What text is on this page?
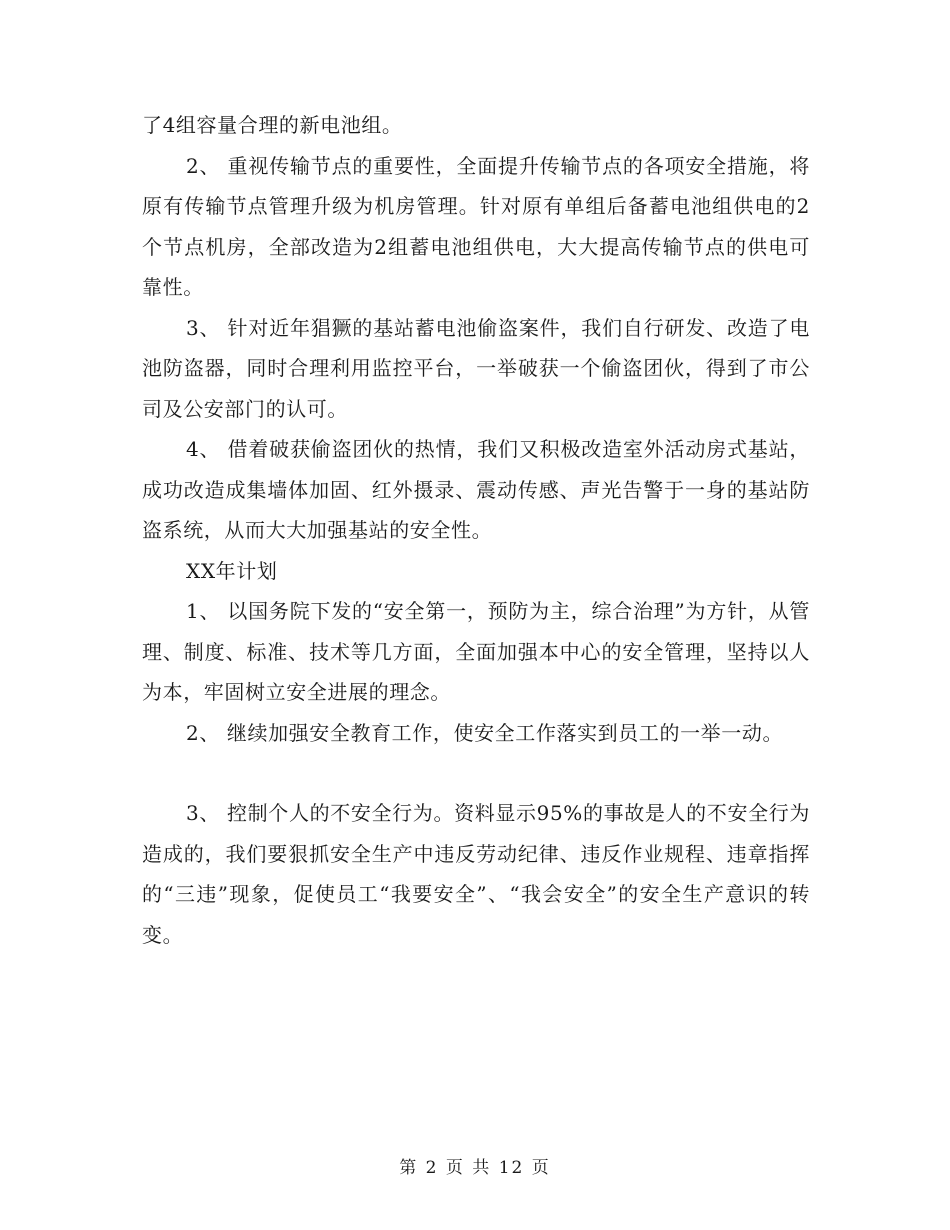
了4组容量合理的新电池组。

2、 重视传输节点的重要性，全面提升传输节点的各项安全措施，将原有传输节点管理升级为机房管理。针对原有单组后备蓄电池组供电的2个节点机房，全部改造为2组蓄电池组供电，大大提高传输节点的供电可靠性。

3、 针对近年猖獗的基站蓄电池偷盗案件，我们自行研发、改造了电池防盗器，同时合理利用监控平台，一举破获一个偷盗团伙，得到了市公司及公安部门的认可。

4、 借着破获偷盗团伙的热情，我们又积极改造室外活动房式基站，成功改造成集墙体加固、红外摄录、震动传感、声光告警于一身的基站防盗系统，从而大大加强基站的安全性。

XX年计划

1、 以国务院下发的“安全第一，预防为主，综合治理”为方针，从管理、制度、标准、技术等几方面，全面加强本中心的安全管理，坚持以人为本，牢固树立安全进展的理念。

2、 继续加强安全教育工作，使安全工作落实到员工的一举一动。

3、 控制个人的不安全行为。资料显示95%的事故是人的不安全行为造成的，我们要狠抓安全生产中违反劳动纪律、违反作业规程、违章指挥的“三违”现象，促使员工“我要安全”、“我会安全”的安全生产意识的转变。

第 2 页 共 12 页
